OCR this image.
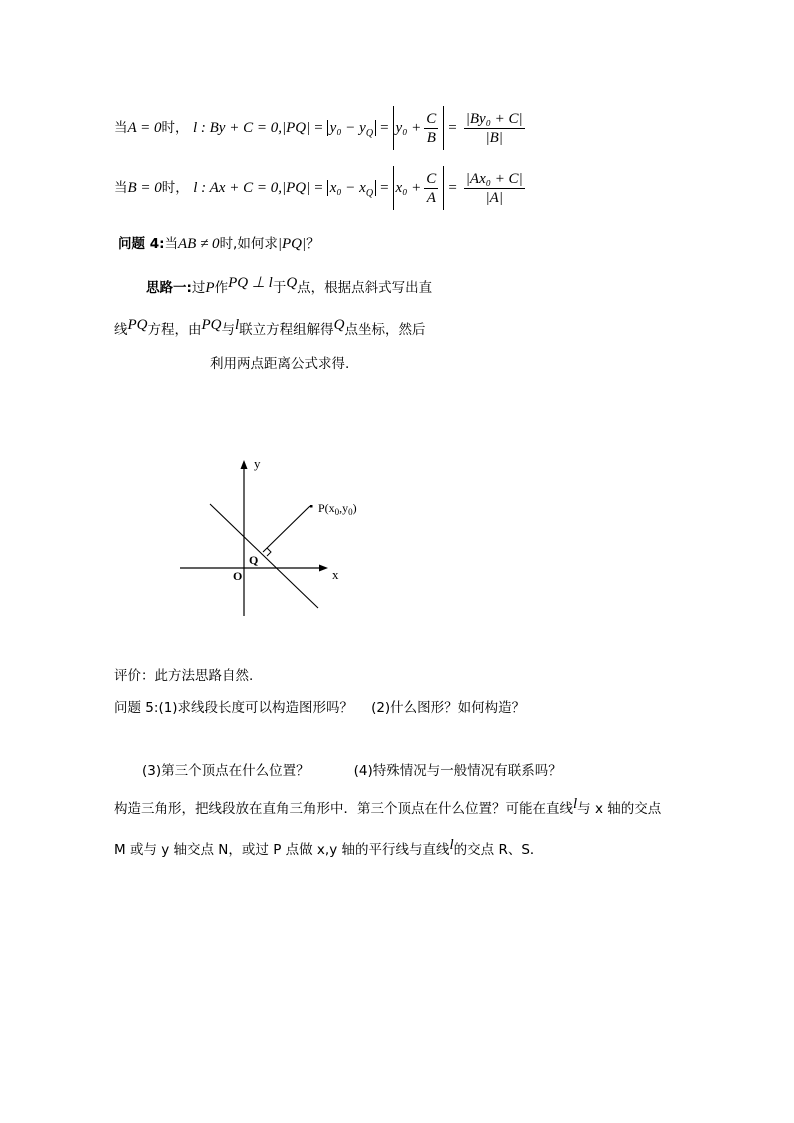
当A = 0时， l : $By + C = 0,|PQ| = y_0 - y_Q = y_0 + \frac{C}{B} = \frac{\text{|By₀ + C|}}{|B|}$
当B = 0时， l : $Ax + C = 0,|PQ| = x_0 - x_Q = x_0 + \frac{C}{A} = \frac{\text{|Ax₀ + C|}}{|A|}$
问题 4:当AB ≠ 0时,如何求|PQ|？
思路一:过P作PQ ⊥ l于Q点，根据点斜式写出直
线PQ方程，由PQ与l联立方程组解得Q点坐标，然后
利用两点距离公式求得.
y
x
O
Q
$P(x_0,y_0)$
评价：此方法思路自然.
问题 5:(1)求线段长度可以构造图形吗？ (2)什么图形？如何构造？
(3)第三个顶点在什么位置？	(4)特殊情况与一般情况有联系吗？
构造三角形，把线段放在直角三角形中．第三个顶点在什么位置？可能在直线l与 x 轴的交点
M 或与 y 轴交点 N，或过 P 点做 x,y 轴的平行线与直线l的交点 R、S．
